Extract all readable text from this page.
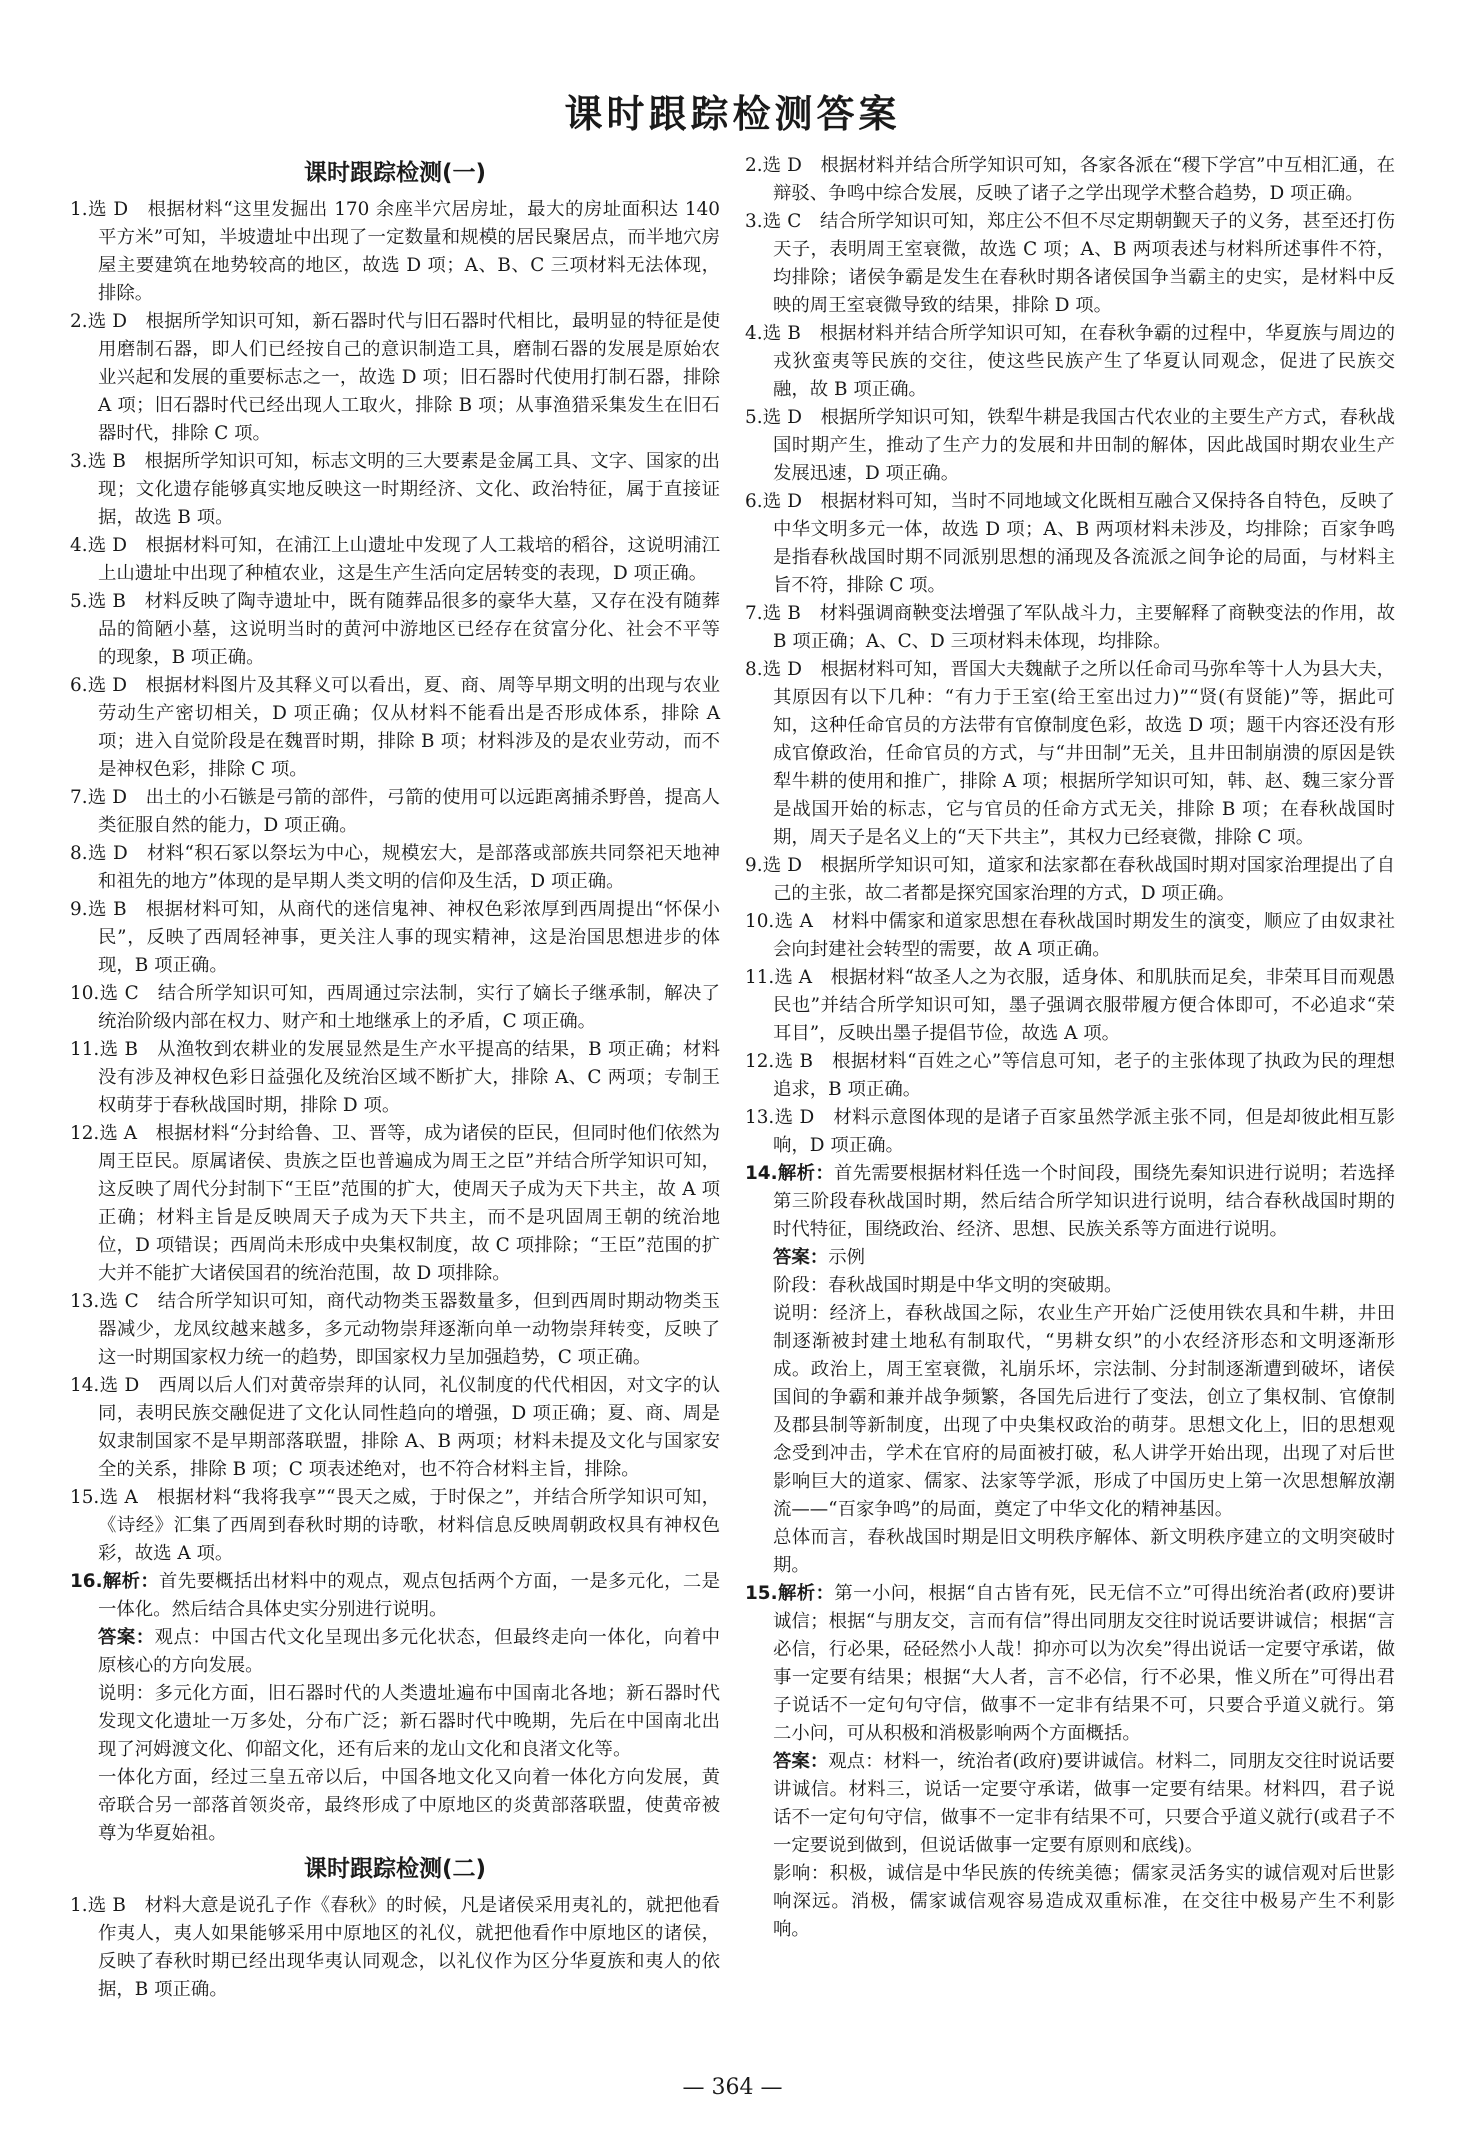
课时跟踪检测答案
课时跟踪检测(一)

1.选 D　根据材料“这里发掘出 170 余座半穴居房址，最大的房址面积达 140 平方米”可知，半坡遗址中出现了一定数量和规模的居民聚居点，而半地穴房屋主要建筑在地势较高的地区，故选 D 项；A、B、C 三项材料无法体现，排除。

2.选 D　根据所学知识可知，新石器时代与旧石器时代相比，最明显的特征是使用磨制石器，即人们已经按自己的意识制造工具，磨制石器的发展是原始农业兴起和发展的重要标志之一，故选 D 项；旧石器时代使用打制石器，排除 A 项；旧石器时代已经出现人工取火，排除 B 项；从事渔猎采集发生在旧石器时代，排除 C 项。

3.选 B　根据所学知识可知，标志文明的三大要素是金属工具、文字、国家的出现；文化遗存能够真实地反映这一时期经济、文化、政治特征，属于直接证据，故选 B 项。

4.选 D　根据材料可知，在浦江上山遗址中发现了人工栽培的稻谷，这说明浦江上山遗址中出现了种植农业，这是生产生活向定居转变的表现，D 项正确。

5.选 B　材料反映了陶寺遗址中，既有随葬品很多的豪华大墓，又存在没有随葬品的简陋小墓，这说明当时的黄河中游地区已经存在贫富分化、社会不平等的现象，B 项正确。

6.选 D　根据材料图片及其释义可以看出，夏、商、周等早期文明的出现与农业劳动生产密切相关，D 项正确；仅从材料不能看出是否形成体系，排除 A 项；进入自觉阶段是在魏晋时期，排除 B 项；材料涉及的是农业劳动，而不是神权色彩，排除 C 项。

7.选 D　出土的小石镞是弓箭的部件，弓箭的使用可以远距离捕杀野兽，提高人类征服自然的能力，D 项正确。

8.选 D　材料“积石冢以祭坛为中心，规模宏大，是部落或部族共同祭祀天地神和祖先的地方”体现的是早期人类文明的信仰及生活，D 项正确。

9.选 B　根据材料可知，从商代的迷信鬼神、神权色彩浓厚到西周提出“怀保小民”，反映了西周轻神事，更关注人事的现实精神，这是治国思想进步的体现，B 项正确。

10.选 C　结合所学知识可知，西周通过宗法制，实行了嫡长子继承制，解决了统治阶级内部在权力、财产和土地继承上的矛盾，C 项正确。

11.选 B　从渔牧到农耕业的发展显然是生产水平提高的结果，B 项正确；材料没有涉及神权色彩日益强化及统治区域不断扩大，排除 A、C 两项；专制王权萌芽于春秋战国时期，排除 D 项。

12.选 A　根据材料“分封给鲁、卫、晋等，成为诸侯的臣民，但同时他们依然为周王臣民。原属诸侯、贵族之臣也普遍成为周王之臣”并结合所学知识可知，这反映了周代分封制下“王臣”范围的扩大，使周天子成为天下共主，故 A 项正确；材料主旨是反映周天子成为天下共主，而不是巩固周王朝的统治地位，D 项错误；西周尚未形成中央集权制度，故 C 项排除；“王臣”范围的扩大并不能扩大诸侯国君的统治范围，故 D 项排除。

13.选 C　结合所学知识可知，商代动物类玉器数量多，但到西周时期动物类玉器减少，龙凤纹越来越多，多元动物崇拜逐渐向单一动物崇拜转变，反映了这一时期国家权力统一的趋势，即国家权力呈加强趋势，C 项正确。

14.选 D　西周以后人们对黄帝崇拜的认同，礼仪制度的代代相因，对文字的认同，表明民族交融促进了文化认同性趋向的增强，D 项正确；夏、商、周是奴隶制国家不是早期部落联盟，排除 A、B 两项；材料未提及文化与国家安全的关系，排除 B 项；C 项表述绝对，也不符合材料主旨，排除。

15.选 A　根据材料“我将我享”“畏天之威，于时保之”，并结合所学知识可知，《诗经》汇集了西周到春秋时期的诗歌，材料信息反映周朝政权具有神权色彩，故选 A 项。

16.解析：首先要概括出材料中的观点，观点包括两个方面，一是多元化，二是一体化。然后结合具体史实分别进行说明。

答案：观点：中国古代文化呈现出多元化状态，但最终走向一体化，向着中原核心的方向发展。

说明：多元化方面，旧石器时代的人类遗址遍布中国南北各地；新石器时代发现文化遗址一万多处，分布广泛；新石器时代中晚期，先后在中国南北出现了河姆渡文化、仰韶文化，还有后来的龙山文化和良渚文化等。

一体化方面，经过三皇五帝以后，中国各地文化又向着一体化方向发展，黄帝联合另一部落首领炎帝，最终形成了中原地区的炎黄部落联盟，使黄帝被尊为华夏始祖。

课时跟踪检测(二)

1.选 B　材料大意是说孔子作《春秋》的时候，凡是诸侯采用夷礼的，就把他看作夷人，夷人如果能够采用中原地区的礼仪，就把他看作中原地区的诸侯，反映了春秋时期已经出现华夷认同观念，以礼仪作为区分华夏族和夷人的依据，B 项正确。

2.选 D　根据材料并结合所学知识可知，各家各派在“稷下学宫”中互相汇通，在辩驳、争鸣中综合发展，反映了诸子之学出现学术整合趋势，D 项正确。

3.选 C　结合所学知识可知，郑庄公不但不尽定期朝觐天子的义务，甚至还打伤天子，表明周王室衰微，故选 C 项；A、B 两项表述与材料所述事件不符，均排除；诸侯争霸是发生在春秋时期各诸侯国争当霸主的史实，是材料中反映的周王室衰微导致的结果，排除 D 项。

4.选 B　根据材料并结合所学知识可知，在春秋争霸的过程中，华夏族与周边的戎狄蛮夷等民族的交往，使这些民族产生了华夏认同观念，促进了民族交融，故 B 项正确。

5.选 D　根据所学知识可知，铁犁牛耕是我国古代农业的主要生产方式，春秋战国时期产生，推动了生产力的发展和井田制的解体，因此战国时期农业生产发展迅速，D 项正确。

6.选 D　根据材料可知，当时不同地域文化既相互融合又保持各自特色，反映了中华文明多元一体，故选 D 项；A、B 两项材料未涉及，均排除；百家争鸣是指春秋战国时期不同派别思想的涌现及各流派之间争论的局面，与材料主旨不符，排除 C 项。

7.选 B　材料强调商鞅变法增强了军队战斗力，主要解释了商鞅变法的作用，故 B 项正确；A、C、D 三项材料未体现，均排除。

8.选 D　根据材料可知，晋国大夫魏献子之所以任命司马弥牟等十人为县大夫，其原因有以下几种：“有力于王室(给王室出过力)”“贤(有贤能)”等，据此可知，这种任命官员的方法带有官僚制度色彩，故选 D 项；题干内容还没有形成官僚政治，任命官员的方式，与“井田制”无关，且井田制崩溃的原因是铁犁牛耕的使用和推广，排除 A 项；根据所学知识可知，韩、赵、魏三家分晋是战国开始的标志，它与官员的任命方式无关，排除 B 项；在春秋战国时期，周天子是名义上的“天下共主”，其权力已经衰微，排除 C 项。

9.选 D　根据所学知识可知，道家和法家都在春秋战国时期对国家治理提出了自己的主张，故二者都是探究国家治理的方式，D 项正确。

10.选 A　材料中儒家和道家思想在春秋战国时期发生的演变，顺应了由奴隶社会向封建社会转型的需要，故 A 项正确。

11.选 A　根据材料“故圣人之为衣服，适身体、和肌肤而足矣，非荣耳目而观愚民也”并结合所学知识可知，墨子强调衣服带履方便合体即可，不必追求“荣耳目”，反映出墨子提倡节俭，故选 A 项。

12.选 B　根据材料“百姓之心”等信息可知，老子的主张体现了执政为民的理想追求，B 项正确。

13.选 D　材料示意图体现的是诸子百家虽然学派主张不同，但是却彼此相互影响，D 项正确。

14.解析：首先需要根据材料任选一个时间段，围绕先秦知识进行说明；若选择第三阶段春秋战国时期，然后结合所学知识进行说明，结合春秋战国时期的时代特征，围绕政治、经济、思想、民族关系等方面进行说明。

答案：示例

阶段：春秋战国时期是中华文明的突破期。

说明：经济上，春秋战国之际，农业生产开始广泛使用铁农具和牛耕，井田制逐渐被封建土地私有制取代，“男耕女织”的小农经济形态和文明逐渐形成。政治上，周王室衰微，礼崩乐坏，宗法制、分封制逐渐遭到破坏，诸侯国间的争霸和兼并战争频繁，各国先后进行了变法，创立了集权制、官僚制及郡县制等新制度，出现了中央集权政治的萌芽。思想文化上，旧的思想观念受到冲击，学术在官府的局面被打破，私人讲学开始出现，出现了对后世影响巨大的道家、儒家、法家等学派，形成了中国历史上第一次思想解放潮流——“百家争鸣”的局面，奠定了中华文化的精神基因。

总体而言，春秋战国时期是旧文明秩序解体、新文明秩序建立的文明突破时期。

15.解析：第一小问，根据“自古皆有死，民无信不立”可得出统治者(政府)要讲诚信；根据“与朋友交，言而有信”得出同朋友交往时说话要讲诚信；根据“言必信，行必果，硁硁然小人哉！抑亦可以为次矣”得出说话一定要守承诺，做事一定要有结果；根据“大人者，言不必信，行不必果，惟义所在”可得出君子说话不一定句句守信，做事不一定非有结果不可，只要合乎道义就行。第二小问，可从积极和消极影响两个方面概括。

答案：观点：材料一，统治者(政府)要讲诚信。材料二，同朋友交往时说话要讲诚信。材料三，说话一定要守承诺，做事一定要有结果。材料四，君子说话不一定句句守信，做事不一定非有结果不可，只要合乎道义就行(或君子不一定要说到做到，但说话做事一定要有原则和底线)。

影响：积极，诚信是中华民族的传统美德；儒家灵活务实的诚信观对后世影响深远。消极，儒家诚信观容易造成双重标准，在交往中极易产生不利影响。

— 364 —
